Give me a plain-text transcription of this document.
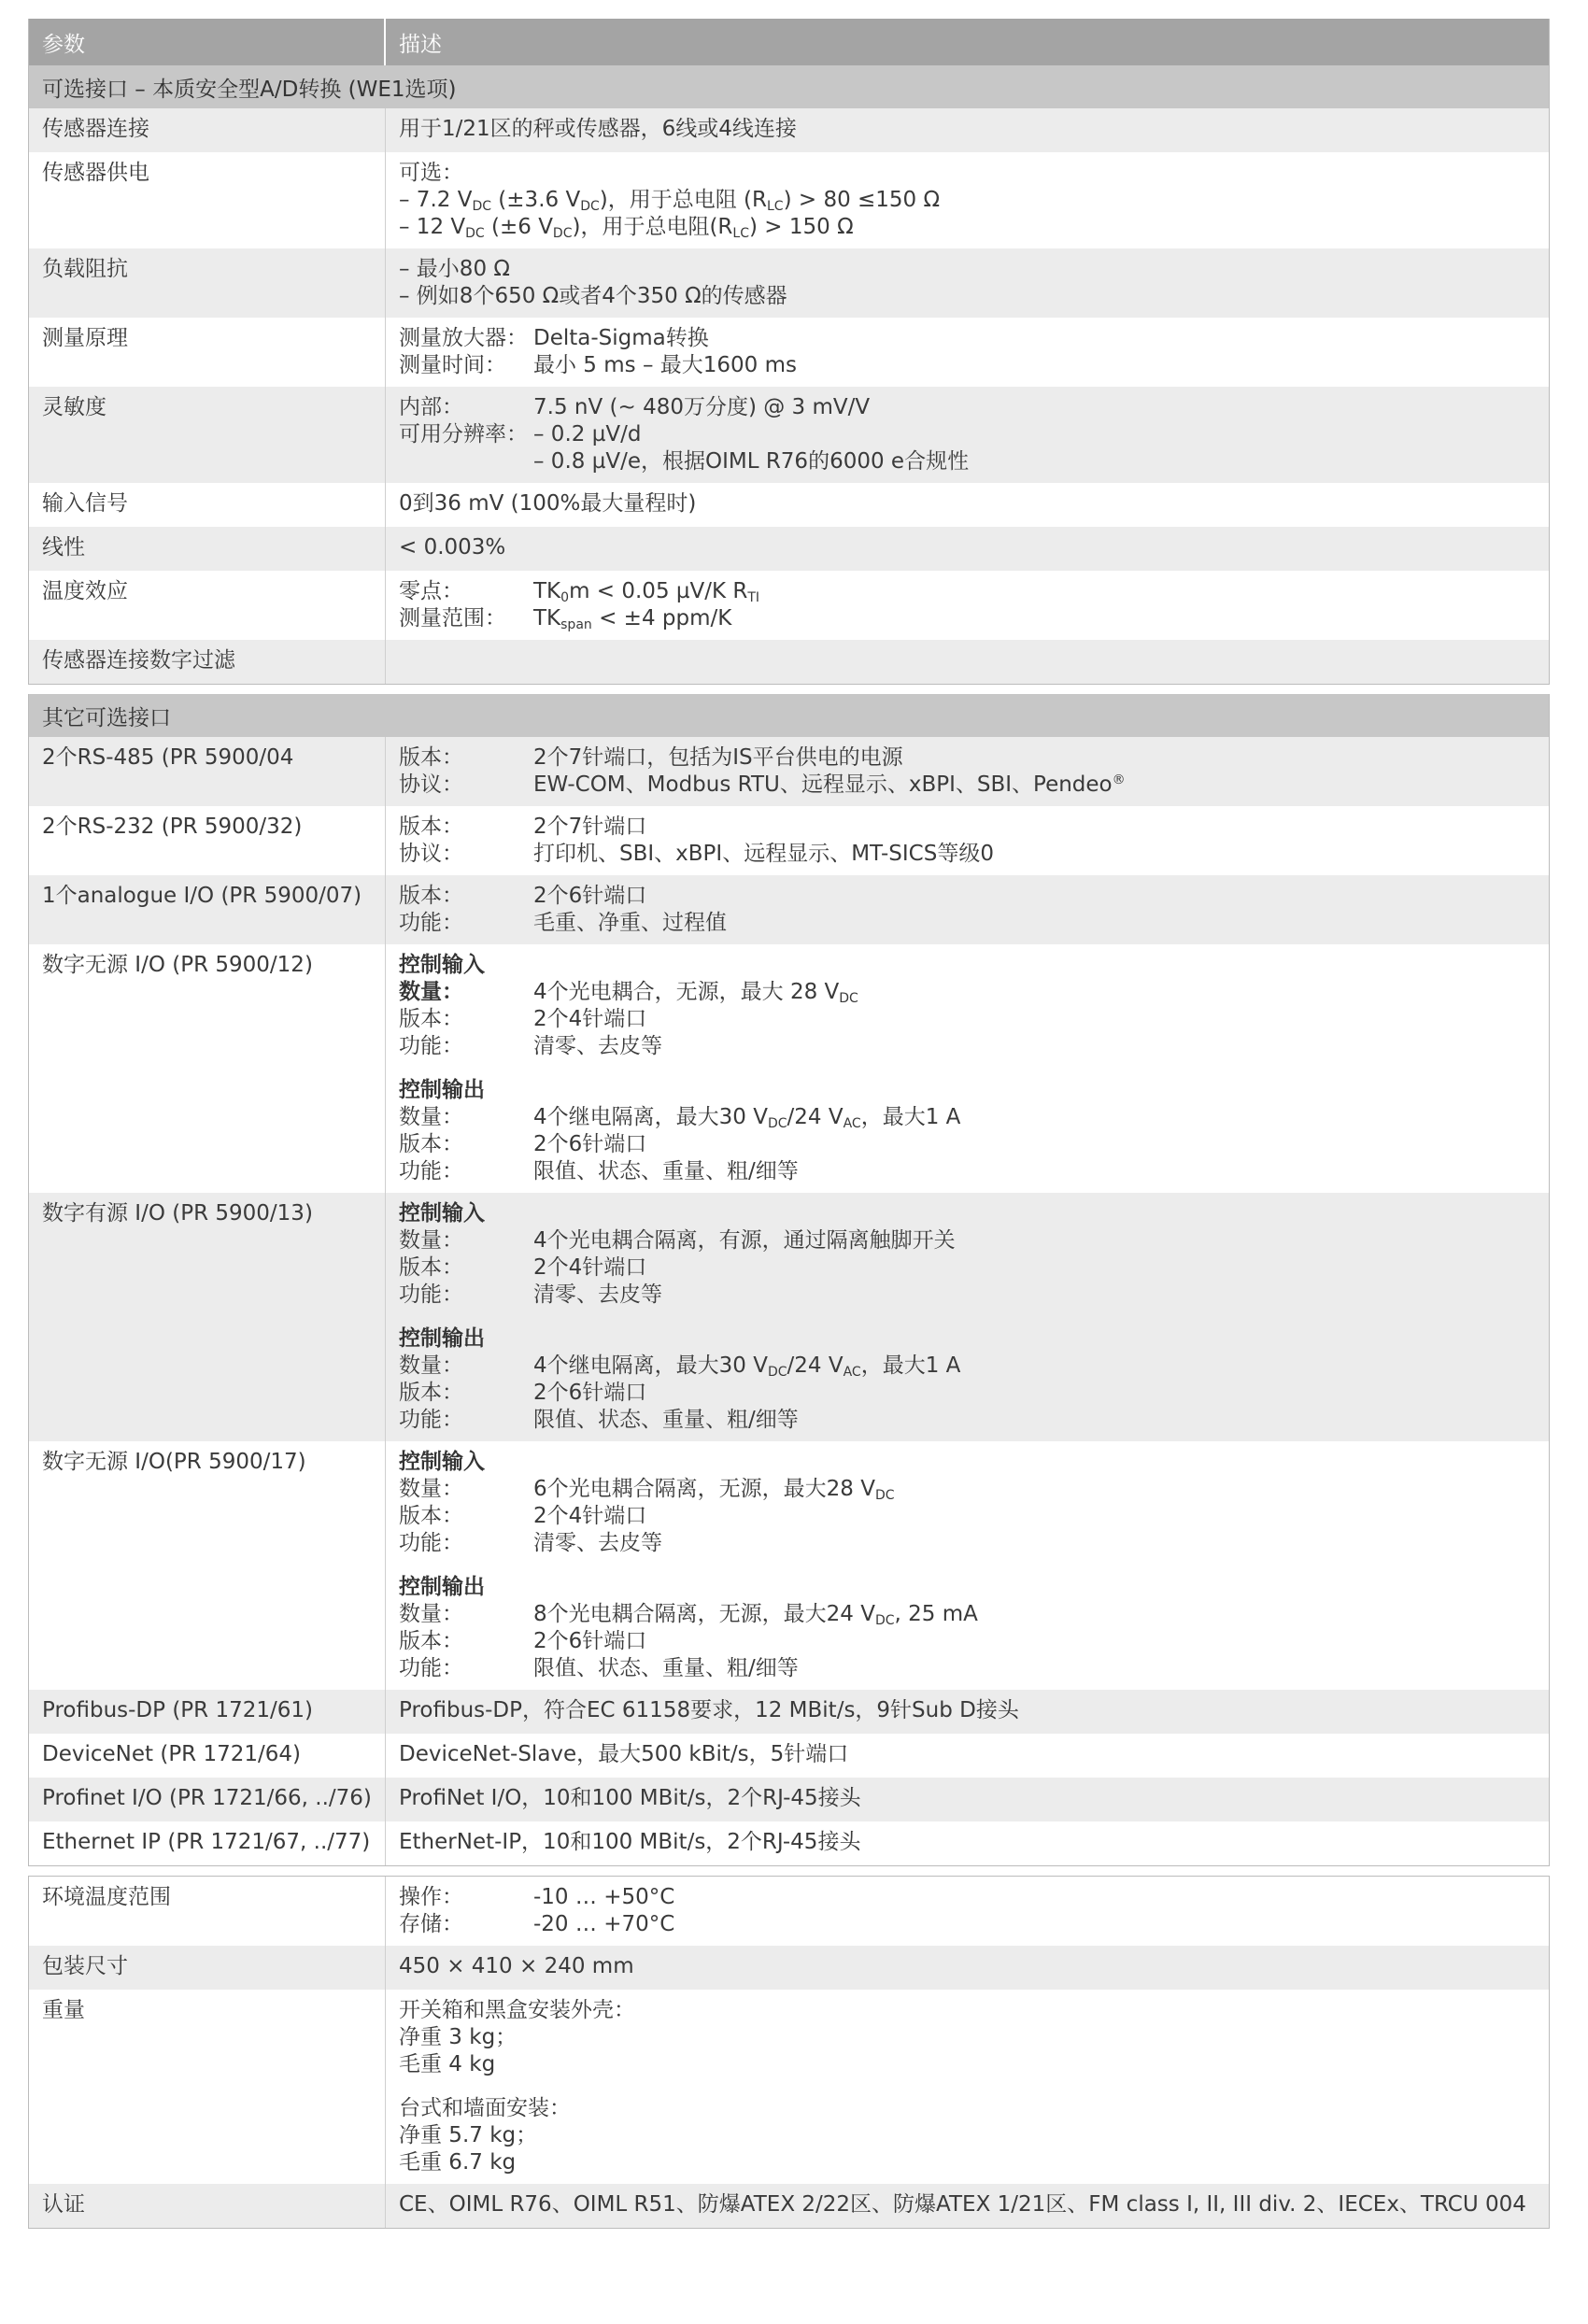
参数	描述
可选接口 – 本质安全型A/D转换 (WE1选项)
传感器连接	用于1/21区的秤或传感器，6线或4线连接
传感器供电	可选：
– 7.2 $V_{DC}$ (±3.6 $V_{DC}$)，用于总电阻 $(R_{LC}) > 80 \le 150$ Ω
– 12 $V_{DC}$ (±6 $V_{DC}$)，用于总电阻$(R_{LC}) > 150$ Ω
负载阻抗	– 最小80 Ω
– 例如8个650 Ω或者4个350 Ω的传感器
测量原理	测量放大器： Delta-Sigma转换
测量时间：	最小 5 ms – 最大1600 ms
灵敏度	内部：	7.5 nV (~ 480万分度) @ 3 mV/V
可用分辨率： – 0.2 µV/d
– 0.8 µV/e，根据OIML R76的6000 e合规性
输入信号	0到36 mV (100%最大量程时)
线性	< 0.003%
温度效应	零点：	$TK_0m < 0.05$ µV/K $R_{TI}$
测量范围：	$TK_{span} < \pm 4$ ppm/K
传感器连接数字过滤
其它可选接口
2个RS-485 (PR 5900/04	版本：	2个7针端口，包括为IS平台供电的电源
协议：	EW-COM、Modbus RTU、远程显示、xBPI、SBI、Pendeo®
2个RS-232 (PR 5900/32)	版本：	2个7针端口
协议：	打印机、SBI、xBPI、远程显示、MT-SICS等级0
1个analogue I/O (PR 5900/07)	版本：	2个6针端口
功能：	毛重、净重、过程值
数字无源 I/O (PR 5900/12)	控制输入
数量：	4个光电耦合，无源，最大 28 $V_{DC}$
版本：	2个4针端口
功能：	清零、去皮等
控制输出
数量：	4个继电隔离，最大30 $V_{DC}/24$ $V_{AC}$，最大1 A
版本：	2个6针端口
功能：	限值、状态、重量、粗/细等
数字有源 I/O (PR 5900/13)	控制输入
数量：	4个光电耦合隔离，有源，通过隔离触脚开关
版本：	2个4针端口
功能：	清零、去皮等
控制输出
数量：	4个继电隔离，最大30 $V_{DC}/24$ $V_{AC}$，最大1 A
版本：	2个6针端口
功能：	限值、状态、重量、粗/细等
数字无源 I/O(PR 5900/17)	控制输入
数量：	6个光电耦合隔离，无源，最大28 $V_{DC}$
版本：	2个4针端口
功能：	清零、去皮等
控制输出
数量：	8个光电耦合隔离，无源，最大24 $V_{DC}$, 25 mA
版本：	2个6针端口
功能：	限值、状态、重量、粗/细等
Profibus-DP (PR 1721/61)	Profibus-DP，符合EC 61158要求，12 MBit/s，9针Sub D接头
DeviceNet (PR 1721/64)	DeviceNet-Slave，最大500 kBit/s，5针端口
Profinet I/O (PR 1721/66, ../76)	ProfiNet I/O，10和100 MBit/s，2个RJ-45接头
Ethernet IP (PR 1721/67, ../77)	EtherNet-IP，10和100 MBit/s，2个RJ-45接头
环境温度范围	操作：	-10 … +50°C
存储：	-20 … +70°C
包装尺寸	450 × 410 × 240 mm
重量	开关箱和黑盒安装外壳：
净重 3 kg；
毛重 4 kg
台式和墙面安装：
净重 5.7 kg；
毛重 6.7 kg
认证	CE、OIML R76、OIML R51、防爆ATEX 2/22区、防爆ATEX 1/21区、FM class I, II, III div. 2、IECEx、TRCU 004
